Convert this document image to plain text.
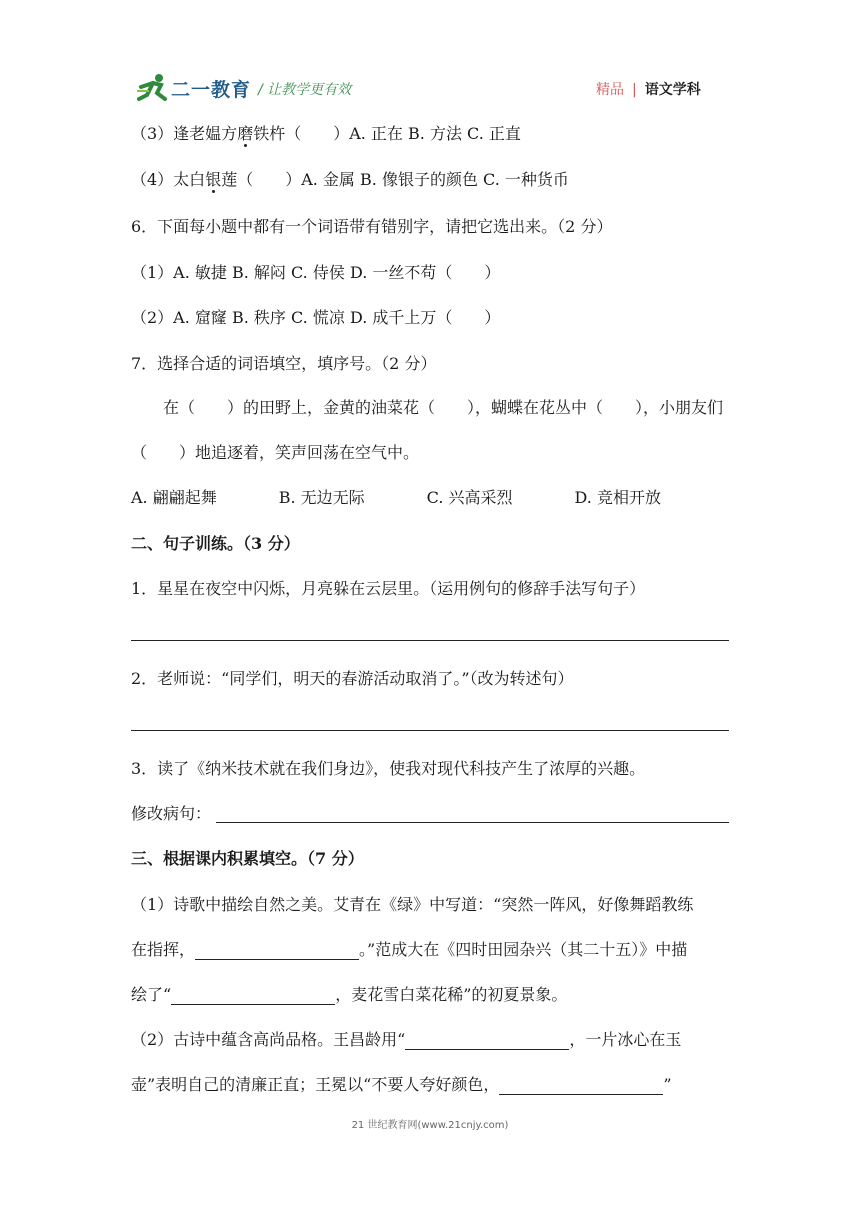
二一教育 / 让教学更有效	精品 | 语文学科
（3）逢老媪方磨铁杵（　　）A. 正在 B. 方法 C. 正直
（4）太白银莲（　　）A. 金属 B. 像银子的颜色 C. 一种货币
6．下面每小题中都有一个词语带有错别字，请把它选出来。（2 分）
（1）A. 敏捷 B. 解闷 C. 侍侯 D. 一丝不苟（　　）
（2）A. 窟窿 B. 秩序 C. 慌凉 D. 成千上万（　　）
7．选择合适的词语填空，填序号。（2 分）
　　在（　　）的田野上，金黄的油菜花（　　），蝴蝶在花丛中（　　），小朋友们
（　　）地追逐着，笑声回荡在空气中。
A. 翩翩起舞	B. 无边无际	C. 兴高采烈	D. 竞相开放
二、句子训练。（3 分）
1．星星在夜空中闪烁，月亮躲在云层里。（运用例句的修辞手法写句子）
2．老师说：“同学们，明天的春游活动取消了。”（改为转述句）
3．读了《纳米技术就在我们身边》，使我对现代科技产生了浓厚的兴趣。
修改病句：
三、根据课内积累填空。（7 分）
（1）诗歌中描绘自然之美。艾青在《绿》中写道：“突然一阵风，好像舞蹈教练
在指挥，	。”范成大在《四时田园杂兴（其二十五）》中描
绘了“	，麦花雪白菜花稀”的初夏景象。
（2）古诗中蕴含高尚品格。王昌龄用“	，一片冰心在玉
壶”表明自己的清廉正直；王冕以“不要人夸好颜色，	”
21 世纪教育网(www.21cnjy.com)
